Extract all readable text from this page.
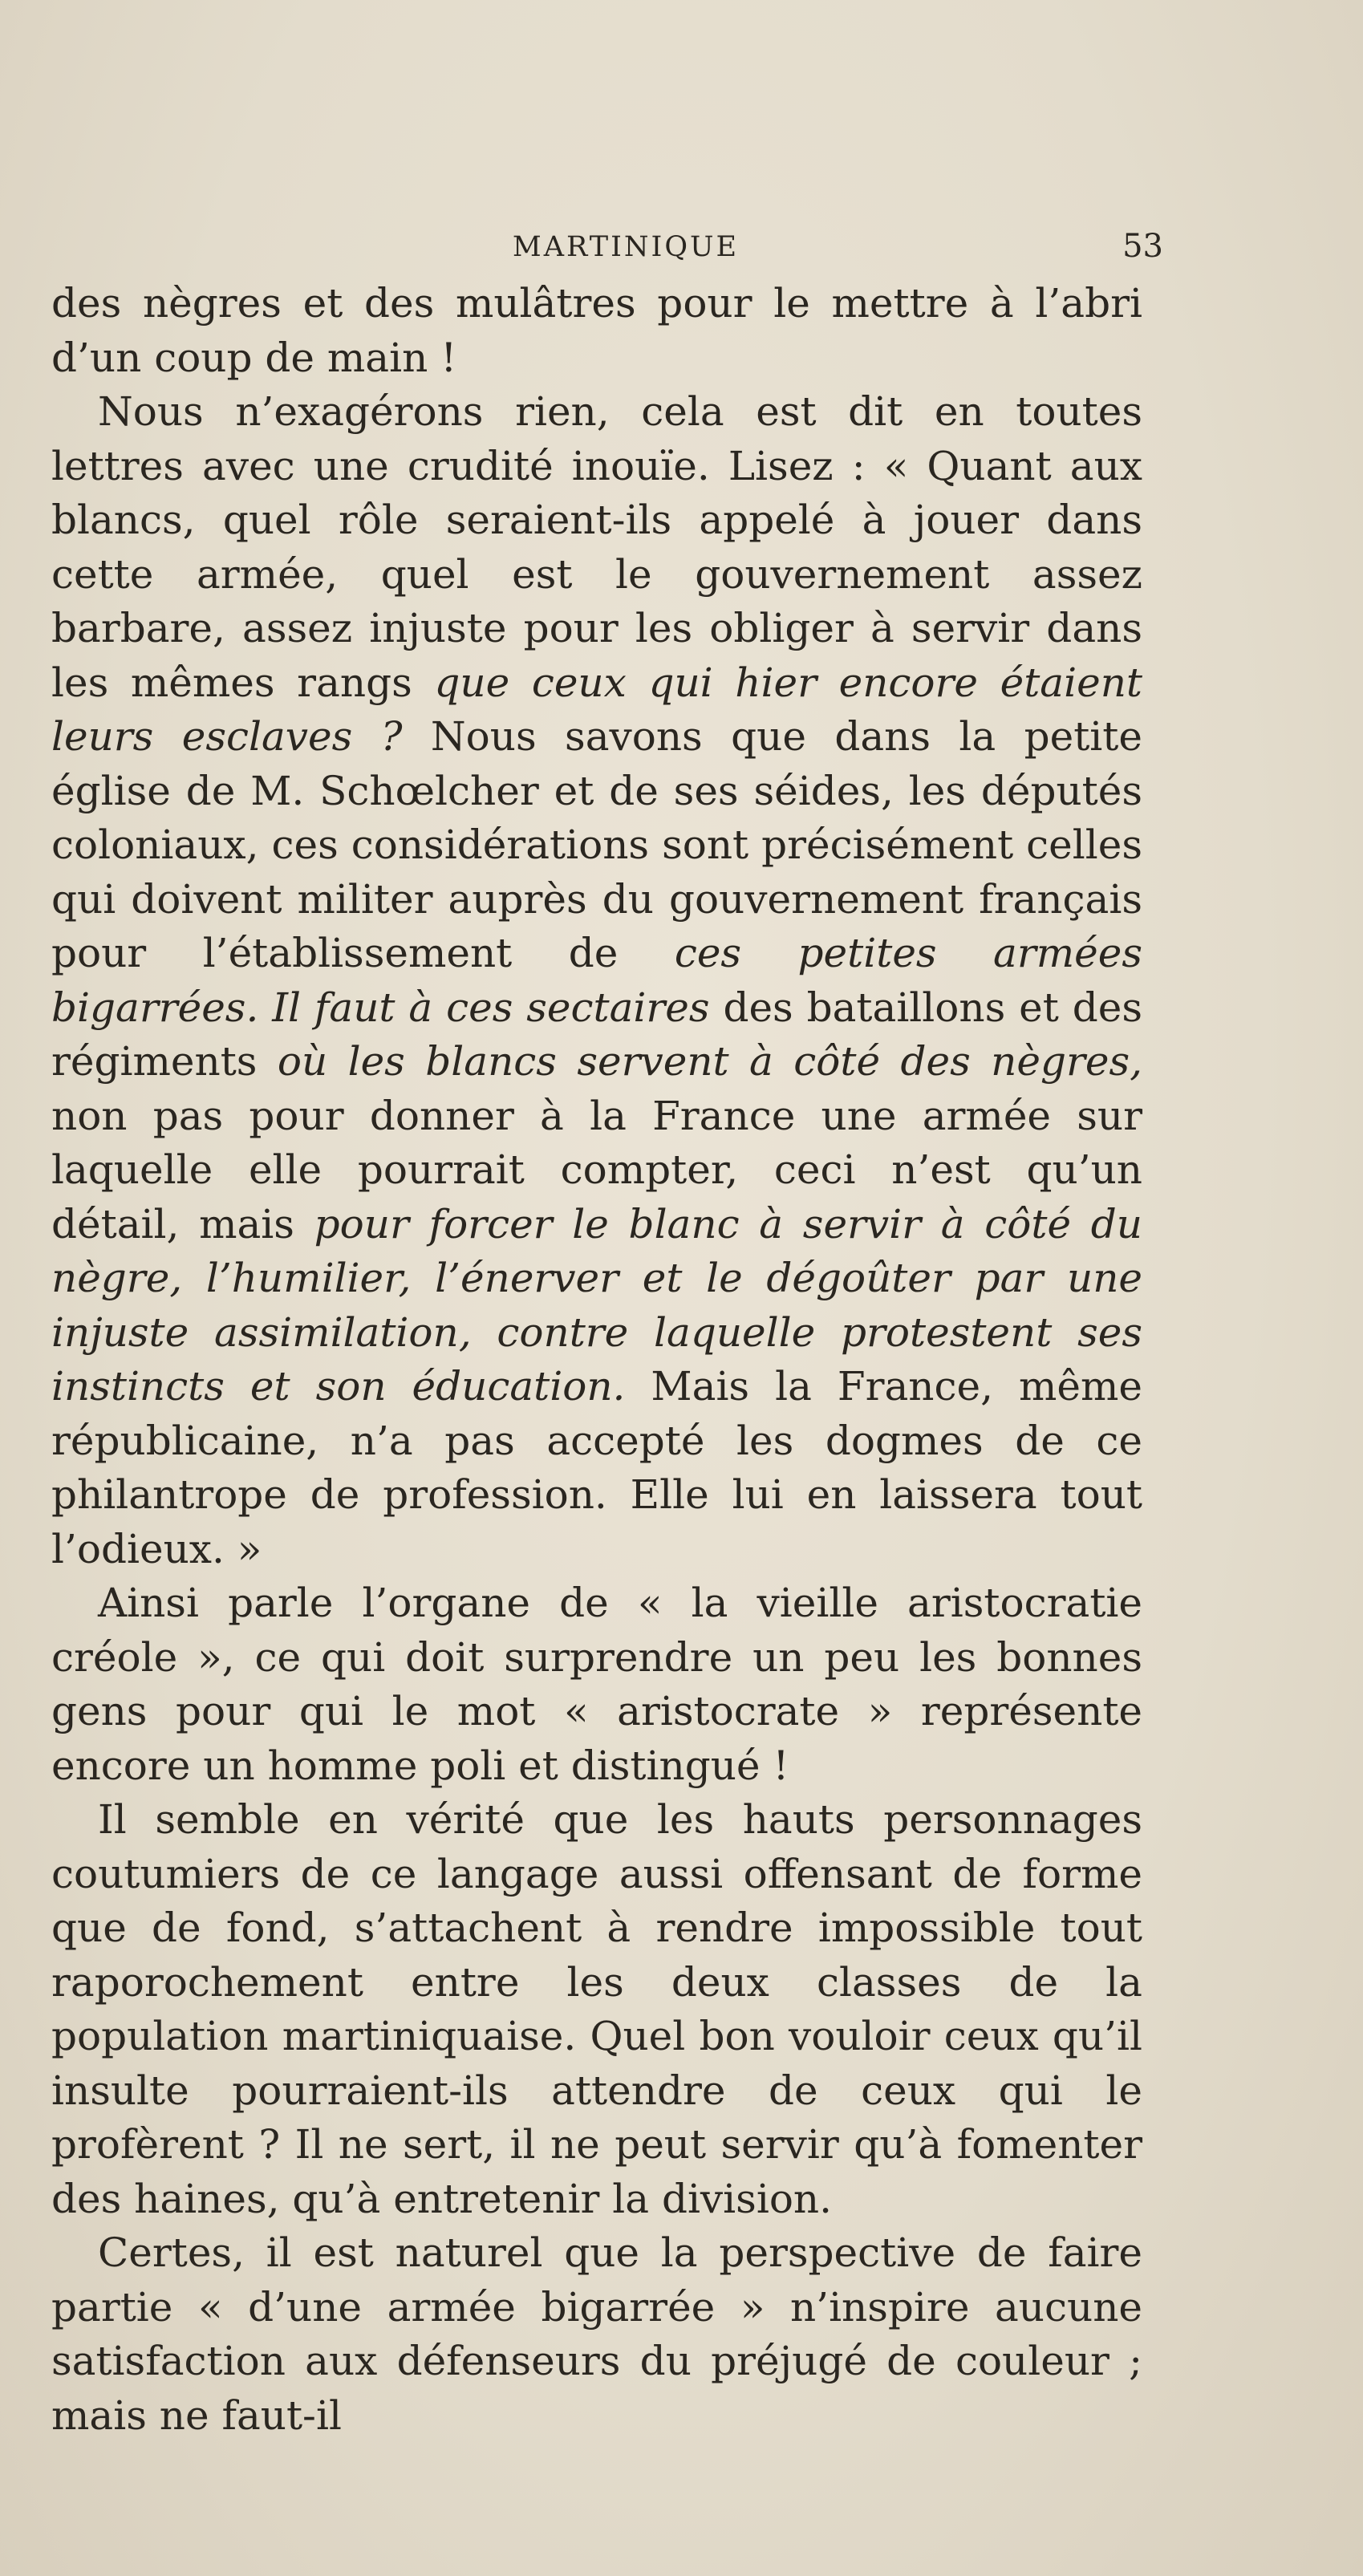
MARTINIQUE	53

des nègres et des mulâtres pour le mettre à l’abri d’un coup de main !

Nous n’exagérons rien, cela est dit en toutes lettres avec une crudité inouïe. Lisez : « Quant aux blancs, quel rôle seraient-ils appelé à jouer dans cette armée, quel est le gouvernement assez barbare, assez injuste pour les obliger à servir dans les mêmes rangs que ceux qui hier encore étaient leurs esclaves ? Nous savons que dans la petite église de M. Schœlcher et de ses séides, les députés coloniaux, ces considérations sont précisément celles qui doivent militer auprès du gouvernement français pour l’établissement de ces petites armées bigarrées. Il faut à ces sectaires des bataillons et des régiments où les blancs servent à côté des nègres, non pas pour donner à la France une armée sur laquelle elle pourrait compter, ceci n’est qu’un détail, mais pour forcer le blanc à servir à côté du nègre, l’humilier, l’énerver et le dégoûter par une injuste assimilation, contre laquelle protestent ses instincts et son éducation. Mais la France, même républicaine, n’a pas accepté les dogmes de ce philantrope de profession. Elle lui en laissera tout l’odieux. »

Ainsi parle l’organe de « la vieille aristocratie créole », ce qui doit surprendre un peu les bonnes gens pour qui le mot « aristocrate » représente encore un homme poli et distingué !

Il semble en vérité que les hauts personnages coutumiers de ce langage aussi offensant de forme que de fond, s’attachent à rendre impossible tout raporochement entre les deux classes de la population martiniquaise. Quel bon vouloir ceux qu’il insulte pourraient-ils attendre de ceux qui le profèrent ? Il ne sert, il ne peut servir qu’à fomenter des haines, qu’à entretenir la division.

Certes, il est naturel que la perspective de faire partie « d’une armée bigarrée » n’inspire aucune satisfaction aux défenseurs du préjugé de couleur ; mais ne faut-il
